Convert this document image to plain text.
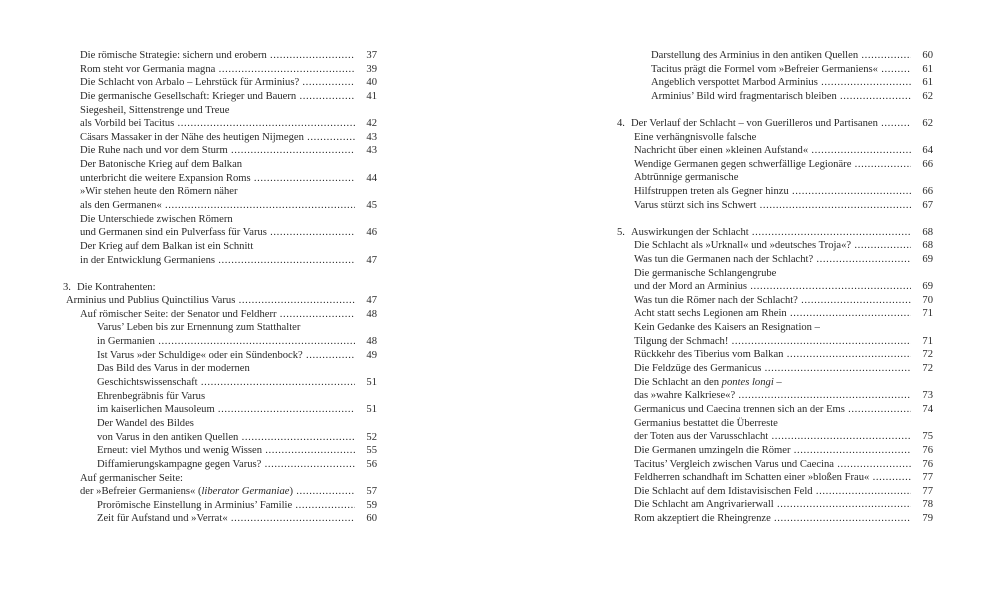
Die römische Strategie: sichern und erobern .....	37
Rom steht vor Germania magna .....	39
Die Schlacht von Arbalo – Lehrstück für Arminius? .....	40
Die germanische Gesellschaft: Krieger und Bauern .....	41
Siegesheil, Sittenstrenge und Treue
als Vorbild bei Tacitus .....	42
Cäsars Massaker in der Nähe des heutigen Nijmegen .....	43
Die Ruhe nach und vor dem Sturm .....	43
Der Batonische Krieg auf dem Balkan
unterbricht die weitere Expansion Roms .....	44
»Wir stehen heute den Römern näher
als den Germanen« .....	45
Die Unterschiede zwischen Römern
und Germanen sind ein Pulverfass für Varus .....	46
Der Krieg auf dem Balkan ist ein Schnitt
in der Entwicklung Germaniens .....	47
3. Die Kontrahenten:
Arminius und Publius Quinctilius Varus .....	47
Auf römischer Seite: der Senator und Feldherr .....	48
Varus’ Leben bis zur Ernennung zum Statthalter
in Germanien .....	48
Ist Varus »der Schuldige« oder ein Sündenbock? .....	49
Das Bild des Varus in der modernen
Geschichtswissenschaft .....	51
Ehrenbegräbnis für Varus
im kaiserlichen Mausoleum .....	51
Der Wandel des Bildes
von Varus in den antiken Quellen .....	52
Erneut: viel Mythos und wenig Wissen .....	55
Diffamierungskampagne gegen Varus? .....	56
Auf germanischer Seite:
der »Befreier Germaniens« (liberator Germaniae) .....	57
Prorömische Einstellung in Arminius’ Familie .....	59
Zeit für Aufstand und »Verrat« .....	60
Darstellung des Arminius in den antiken Quellen .....	60
Tacitus prägt die Formel vom »Befreier Germaniens« .....	61
Angeblich verspottet Marbod Arminius .....	61
Arminius’ Bild wird fragmentarisch bleiben .....	62
4. Der Verlauf der Schlacht – von Guerilleros und Partisanen .....	62
Eine verhängnisvolle falsche
Nachricht über einen »kleinen Aufstand« .....	64
Wendige Germanen gegen schwerfällige Legionäre .....	66
Abtrünnige germanische
Hilfstruppen treten als Gegner hinzu .....	66
Varus stürzt sich ins Schwert .....	67
5. Auswirkungen der Schlacht .....	68
Die Schlacht als »Urknall« und »deutsches Troja«? .....	68
Was tun die Germanen nach der Schlacht? .....	69
Die germanische Schlangengrube
und der Mord an Arminius .....	69
Was tun die Römer nach der Schlacht? .....	70
Acht statt sechs Legionen am Rhein .....	71
Kein Gedanke des Kaisers an Resignation –
Tilgung der Schmach! .....	71
Rückkehr des Tiberius vom Balkan .....	72
Die Feldzüge des Germanicus .....	72
Die Schlacht an den pontes longi –
das »wahre Kalkriese«? .....	73
Germanicus und Caecina trennen sich an der Ems .....	74
Germanius bestattet die Überreste
der Toten aus der Varusschlacht .....	75
Die Germanen umzingeln die Römer .....	76
Tacitus’ Vergleich zwischen Varus und Caecina .....	76
Feldherren schandhaft im Schatten einer »bloßen Frau« .....	77
Die Schlacht auf dem Idistavisischen Feld .....	77
Die Schlacht am Angrivarierwall .....	78
Rom akzeptiert die Rheingrenze .....	79
